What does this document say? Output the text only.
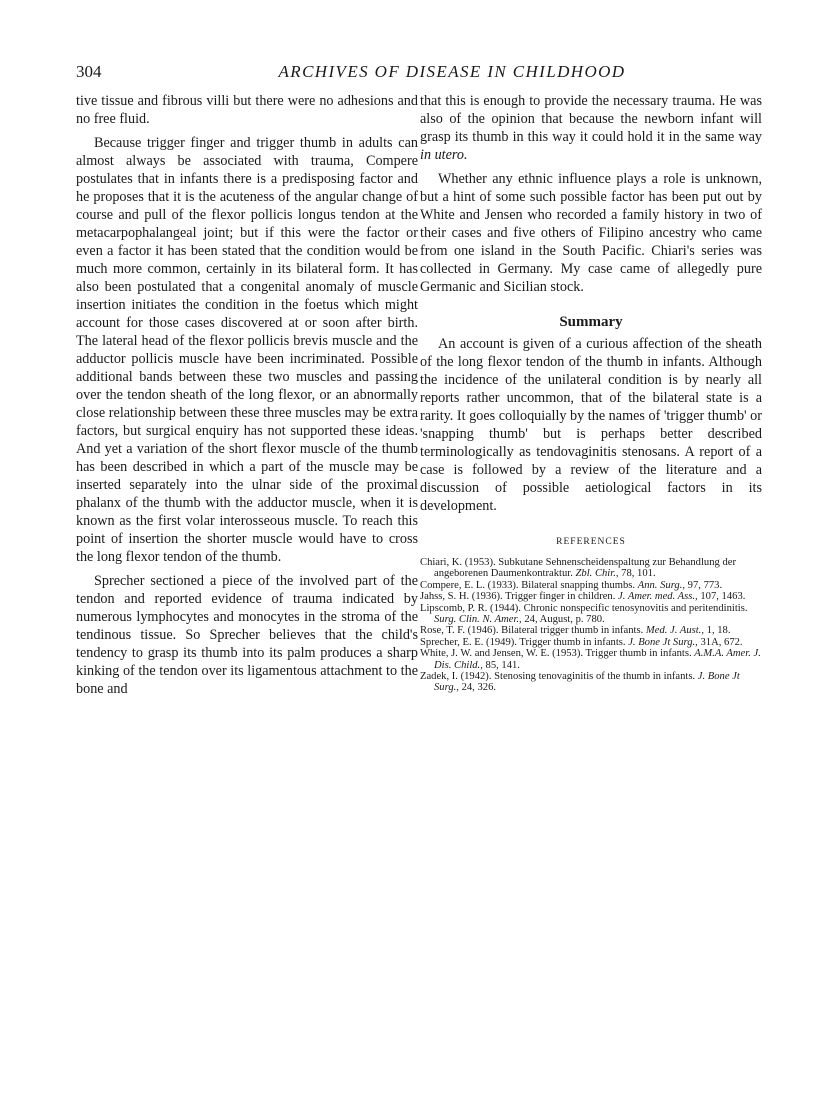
304	ARCHIVES OF DISEASE IN CHILDHOOD

tive tissue and fibrous villi but there were no adhesions and no free fluid.

Because trigger finger and trigger thumb in adults can almost always be associated with trauma, Compere postulates that in infants there is a predisposing factor and he proposes that it is the acuteness of the angular change of course and pull of the flexor pollicis longus tendon at the metacarpophalangeal joint; but if this were the factor or even a factor it has been stated that the condition would be much more common, certainly in its bilateral form. It has also been postulated that a congenital anomaly of muscle insertion initiates the condition in the foetus which might account for those cases discovered at or soon after birth. The lateral head of the flexor pollicis brevis muscle and the adductor pollicis muscle have been incriminated. Possible additional bands between these two muscles and passing over the tendon sheath of the long flexor, or an abnormally close relationship between these three muscles may be extra factors, but surgical enquiry has not supported these ideas. And yet a variation of the short flexor muscle of the thumb has been described in which a part of the muscle may be inserted separately into the ulnar side of the proximal phalanx of the thumb with the adductor muscle, when it is known as the first volar interosseous muscle. To reach this point of insertion the shorter muscle would have to cross the long flexor tendon of the thumb.

Sprecher sectioned a piece of the involved part of the tendon and reported evidence of trauma indicated by numerous lymphocytes and monocytes in the stroma of the tendinous tissue. So Sprecher believes that the child's tendency to grasp its thumb into its palm produces a sharp kinking of the tendon over its ligamentous attachment to the bone and

that this is enough to provide the necessary trauma. He was also of the opinion that because the newborn infant will grasp its thumb in this way it could hold it in the same way in utero.

Whether any ethnic influence plays a role is unknown, but a hint of some such possible factor has been put out by White and Jensen who recorded a family history in two of their cases and five others of Filipino ancestry who came from one island in the South Pacific. Chiari's series was collected in Germany. My case came of allegedly pure Germanic and Sicilian stock.

Summary

An account is given of a curious affection of the sheath of the long flexor tendon of the thumb in infants. Although the incidence of the unilateral condition is by nearly all reports rather uncommon, that of the bilateral state is a rarity. It goes colloquially by the names of 'trigger thumb' or 'snapping thumb' but is perhaps better described terminologically as tendovaginitis stenosans. A report of a case is followed by a review of the literature and a discussion of possible aetiological factors in its development.

REFERENCES

Chiari, K. (1953). Subkutane Sehnenscheidenspaltung zur Behandlung der angeborenen Daumenkontraktur. Zbl. Chir., 78, 101.

Compere, E. L. (1933). Bilateral snapping thumbs. Ann. Surg., 97, 773.

Jahss, S. H. (1936). Trigger finger in children. J. Amer. med. Ass., 107, 1463.

Lipscomb, P. R. (1944). Chronic nonspecific tenosynovitis and peritendinitis. Surg. Clin. N. Amer., 24, August, p. 780.

Rose, T. F. (1946). Bilateral trigger thumb in infants. Med. J. Aust., 1, 18.

Sprecher, E. E. (1949). Trigger thumb in infants. J. Bone Jt Surg., 31A, 672.

White, J. W. and Jensen, W. E. (1953). Trigger thumb in infants. A.M.A. Amer. J. Dis. Child., 85, 141.

Zadek, I. (1942). Stenosing tenovaginitis of the thumb in infants. J. Bone Jt Surg., 24, 326.
